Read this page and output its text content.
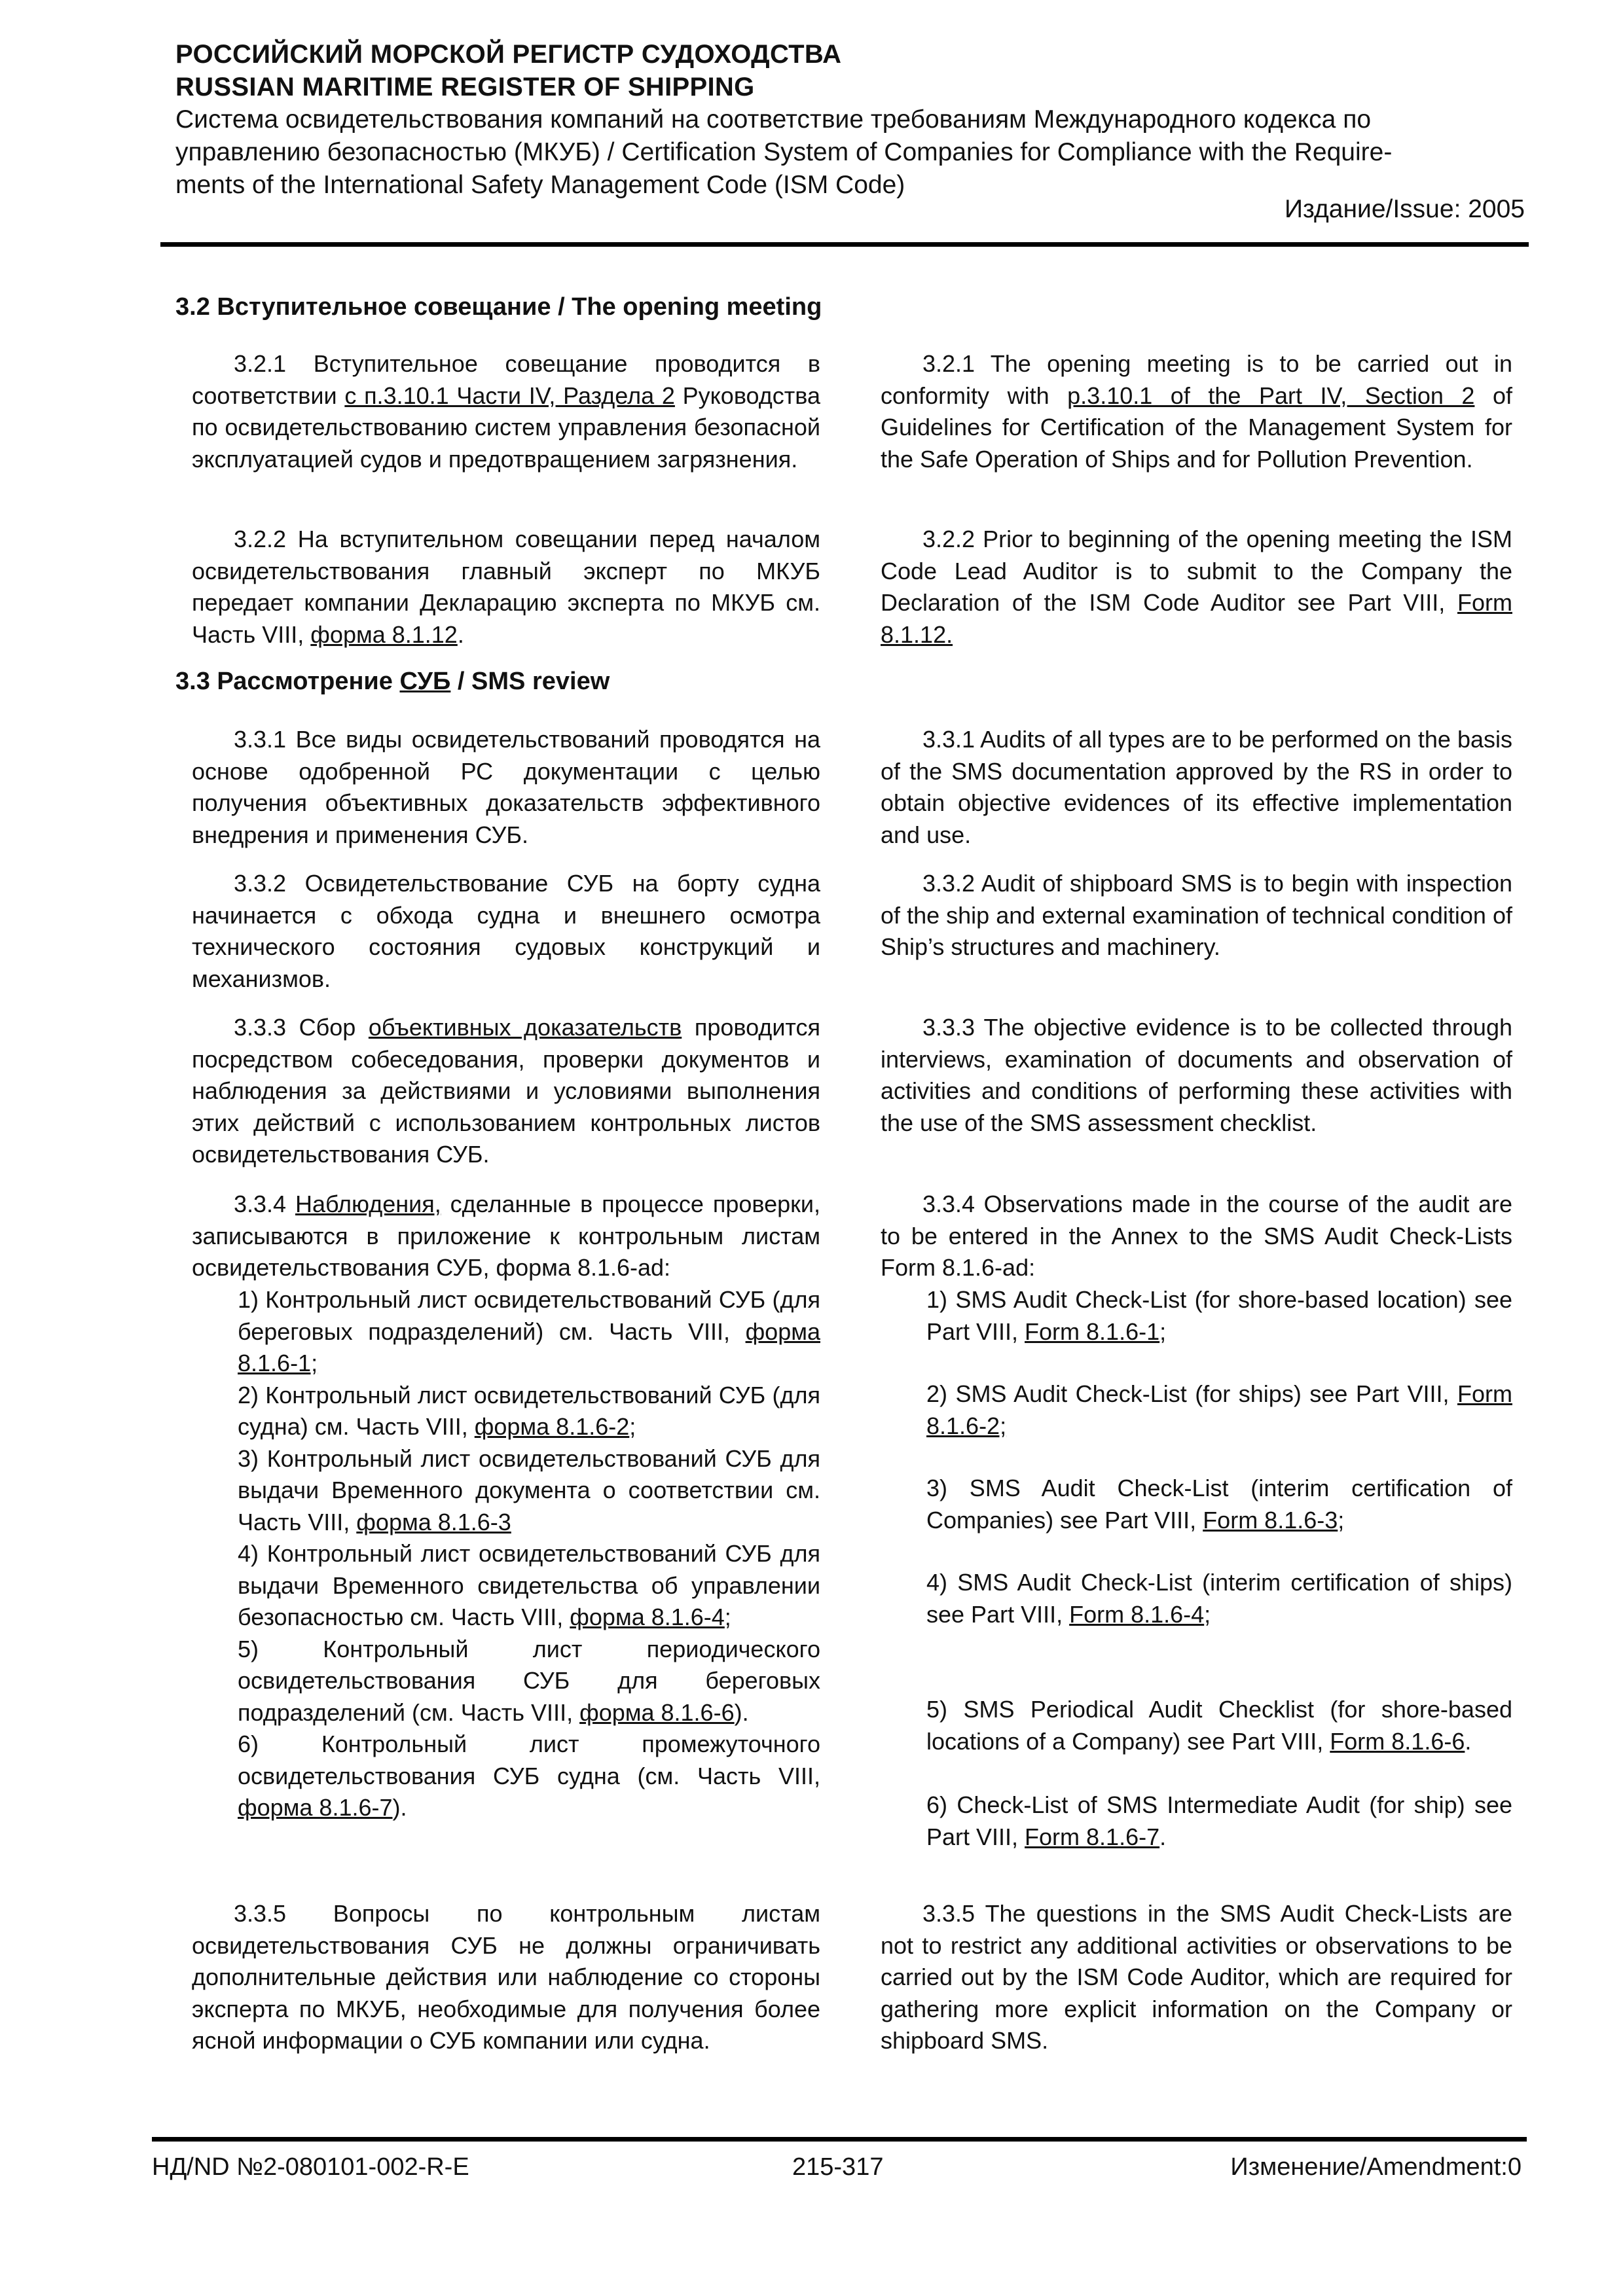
РОССИЙСКИЙ МОРСКОЙ РЕГИСТР СУДОХОДСТВА
RUSSIAN MARITIME REGISTER OF SHIPPING
Система освидетельствования компаний на соответствие требованиям Международного кодекса по
управлению безопасностью (МКУБ) / Certification System of Companies for Compliance with the Require-
ments of the International Safety Management Code (ISM Code)
Издание/Issue: 2005
3.2 Вступительное совещание / The opening meeting

3.2.1 Вступительное совещание проводится в соответствии с п.3.10.1 Части IV, Раздела 2 Руководства по освидетельствованию систем управления безопасной эксплуатацией судов и предотвращением загрязнения.

3.2.2 На вступительном совещании перед началом освидетельствования главный эксперт по МКУБ передает компании Декларацию эксперта по МКУБ см. Часть VIII, форма 8.1.12.

3.2.1 The opening meeting is to be carried out in conformity with p.3.10.1 of the Part IV, Section 2 of Guidelines for Certification of the Management System for the Safe Operation of Ships and for Pollution Prevention.

3.2.2 Prior to beginning of the opening meeting the ISM Code Lead Auditor is to submit to the Company the Declaration of the ISM Code Auditor see Part VIII, Form 8.1.12.

3.3 Рассмотрение СУБ / SMS review

3.3.1 Все виды освидетельствований проводятся на основе одобренной РС документации с целью получения объективных доказательств эффективного внедрения и применения СУБ.

3.3.2 Освидетельствование СУБ на борту судна начинается с обхода судна и внешнего осмотра технического состояния судовых конструкций и механизмов.

3.3.3 Сбор объективных доказательств проводится посредством собеседования, проверки документов и наблюдения за действиями и условиями выполнения этих действий с использованием контрольных листов освидетельствования СУБ.

3.3.4 Наблюдения, сделанные в процессе проверки, записываются в приложение к контрольным листам освидетельствования СУБ, форма 8.1.6-ad:

1) Контрольный лист освидетельствований СУБ (для береговых подразделений) см. Часть VIII, форма 8.1.6-1;

2) Контрольный лист освидетельствований СУБ (для судна) см. Часть VIII, форма 8.1.6-2;

3) Контрольный лист освидетельствований СУБ для выдачи Временного документа о соответствии см. Часть VIII, форма 8.1.6-3

4) Контрольный лист освидетельствований СУБ для выдачи Временного свидетельства об управлении безопасностью см. Часть VIII, форма 8.1.6-4;

5) Контрольный лист периодического освидетельствования СУБ для береговых подразделений (см. Часть VIII, форма 8.1.6-6).

6) Контрольный лист промежуточного освидетельствования СУБ судна (см. Часть VIII, форма 8.1.6-7).

3.3.5 Вопросы по контрольным листам освидетельствования СУБ не должны ограничивать дополнительные действия или наблюдение со стороны эксперта по МКУБ, необходимые для получения более ясной информации о СУБ компании или судна.

3.3.1 Audits of all types are to be performed on the basis of the SMS documentation approved by the RS in order to obtain objective evidences of its effective implementation and use.

3.3.2 Audit of shipboard SMS is to begin with inspection of the ship and external examination of technical condition of Ship’s structures and machinery.

3.3.3 The objective evidence is to be collected through interviews, examination of documents and observation of activities and conditions of performing these activities with the use of the SMS assessment checklist.

3.3.4 Observations made in the course of the audit are to be entered in the Annex to the SMS Audit Check-Lists Form 8.1.6-ad:

1) SMS Audit Check-List (for shore-based location) see Part VIII, Form 8.1.6-1;

2) SMS Audit Check-List (for ships) see Part VIII, Form 8.1.6-2;

3) SMS Audit Check-List (interim certification of Companies) see Part VIII, Form 8.1.6-3;

4) SMS Audit Check-List (interim certification of ships) see Part VIII, Form 8.1.6-4;

5) SMS Periodical Audit Checklist (for shore-based locations of a Company) see Part VIII, Form 8.1.6-6.

6) Check-List of SMS Intermediate Audit (for ship) see Part VIII, Form 8.1.6-7.

3.3.5 The questions in the SMS Audit Check-Lists are not to restrict any additional activities or observations to be carried out by the ISM Code Auditor, which are required for gathering more explicit information on the Company or shipboard SMS.

НД/ND №2-080101-002-R-E	215-317	Изменение/Amendment:0
